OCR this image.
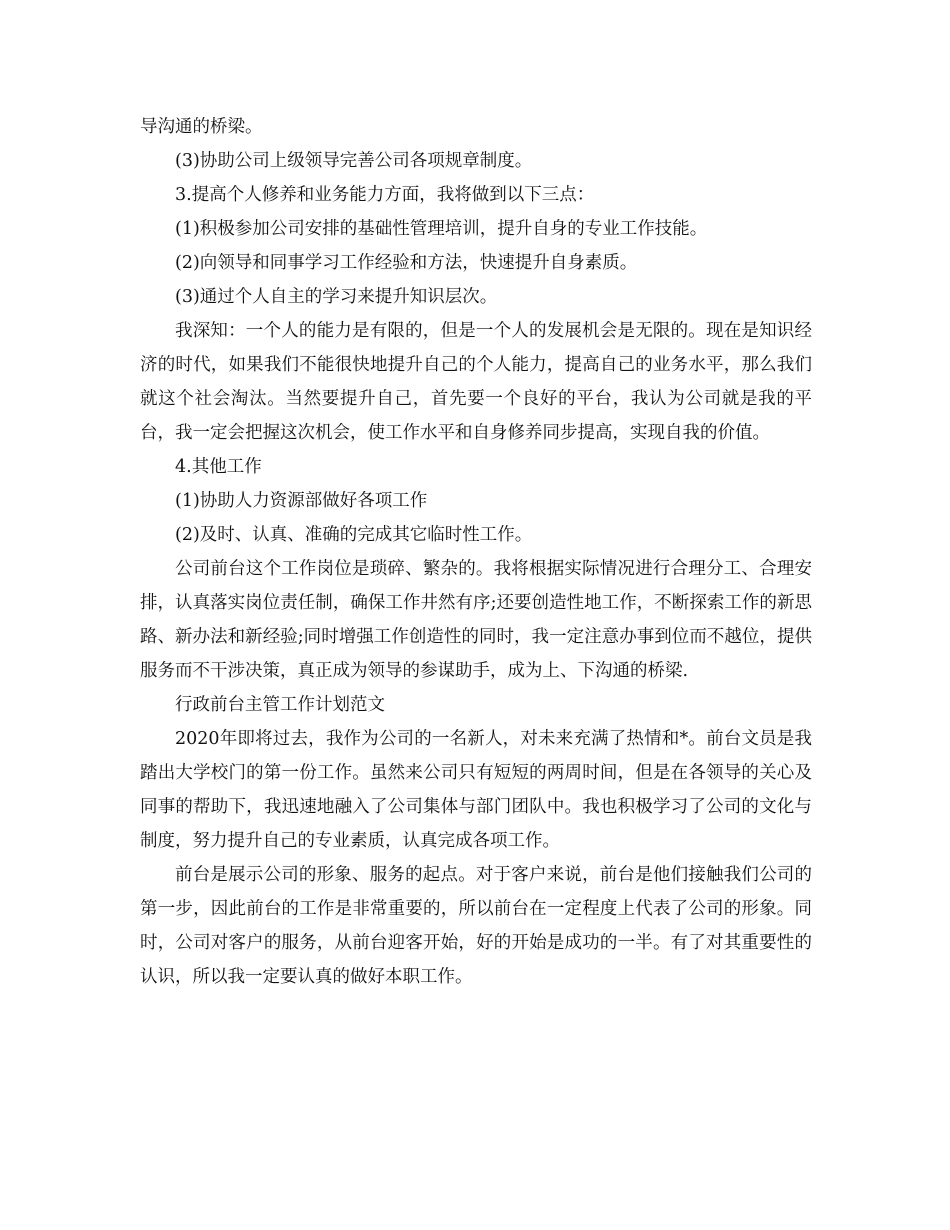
导沟通的桥梁。

(3)协助公司上级领导完善公司各项规章制度。

3.提高个人修养和业务能力方面，我将做到以下三点：

(1)积极参加公司安排的基础性管理培训，提升自身的专业工作技能。

(2)向领导和同事学习工作经验和方法，快速提升自身素质。

(3)通过个人自主的学习来提升知识层次。

我深知：一个人的能力是有限的，但是一个人的发展机会是无限的。现在是知识经济的时代，如果我们不能很快地提升自己的个人能力，提高自己的业务水平，那么我们就这个社会淘汰。当然要提升自己，首先要一个良好的平台，我认为公司就是我的平台，我一定会把握这次机会，使工作水平和自身修养同步提高，实现自我的价值。

4.其他工作

(1)协助人力资源部做好各项工作

(2)及时、认真、准确的完成其它临时性工作。

公司前台这个工作岗位是琐碎、繁杂的。我将根据实际情况进行合理分工、合理安排，认真落实岗位责任制，确保工作井然有序;还要创造性地工作，不断探索工作的新思路、新办法和新经验;同时增强工作创造性的同时，我一定注意办事到位而不越位，提供服务而不干涉决策，真正成为领导的参谋助手，成为上、下沟通的桥梁.

行政前台主管工作计划范文

2020年即将过去，我作为公司的一名新人，对未来充满了热情和*。前台文员是我踏出大学校门的第一份工作。虽然来公司只有短短的两周时间，但是在各领导的关心及同事的帮助下，我迅速地融入了公司集体与部门团队中。我也积极学习了公司的文化与制度，努力提升自己的专业素质，认真完成各项工作。

前台是展示公司的形象、服务的起点。对于客户来说，前台是他们接触我们公司的第一步，因此前台的工作是非常重要的，所以前台在一定程度上代表了公司的形象。同时，公司对客户的服务，从前台迎客开始，好的开始是成功的一半。有了对其重要性的认识，所以我一定要认真的做好本职工作。
